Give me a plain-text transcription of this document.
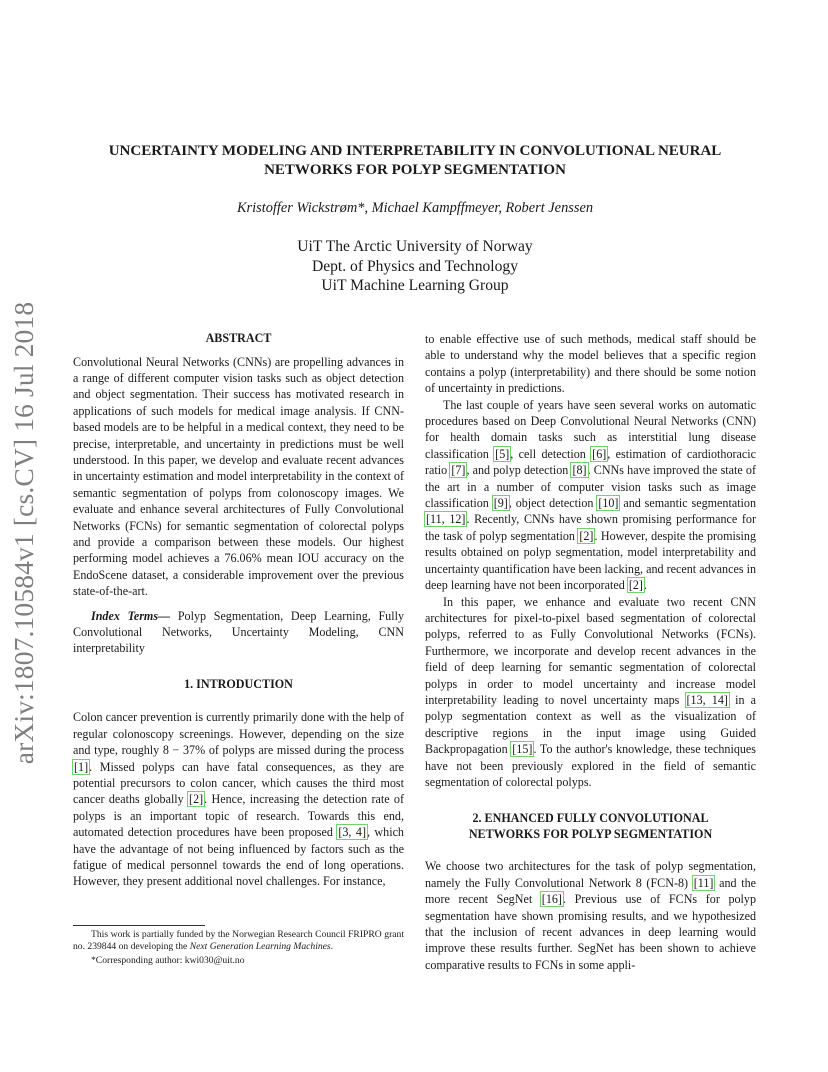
arXiv:1807.10584v1 [cs.CV] 16 Jul 2018
UNCERTAINTY MODELING AND INTERPRETABILITY IN CONVOLUTIONAL NEURAL
NETWORKS FOR POLYP SEGMENTATION
Kristoffer Wickstrøm*, Michael Kampffmeyer, Robert Jenssen
UiT The Arctic University of Norway
Dept. of Physics and Technology
UiT Machine Learning Group
ABSTRACT

Convolutional Neural Networks (CNNs) are propelling advances in a range of different computer vision tasks such as object detection and object segmentation. Their success has motivated research in applications of such models for medical image analysis. If CNN-based models are to be helpful in a medical context, they need to be precise, interpretable, and uncertainty in predictions must be well understood. In this paper, we develop and evaluate recent advances in uncertainty estimation and model interpretability in the context of semantic segmentation of polyps from colonoscopy images. We evaluate and enhance several architectures of Fully Convolutional Networks (FCNs) for semantic segmentation of colorectal polyps and provide a comparison between these models. Our highest performing model achieves a 76.06% mean IOU accuracy on the EndoScene dataset, a considerable improvement over the previous state-of-the-art.

Index Terms— Polyp Segmentation, Deep Learning, Fully Convolutional Networks, Uncertainty Modeling, CNN interpretability

1. INTRODUCTION

Colon cancer prevention is currently primarily done with the help of regular colonoscopy screenings. However, depending on the size and type, roughly 8 − 37% of polyps are missed during the process [1]. Missed polyps can have fatal consequences, as they are potential precursors to colon cancer, which causes the third most cancer deaths globally [2]. Hence, increasing the detection rate of polyps is an important topic of research. Towards this end, automated detection procedures have been proposed [3, 4], which have the advantage of not being influenced by factors such as the fatigue of medical personnel towards the end of long operations. However, they present additional novel challenges. For instance,

This work is partially funded by the Norwegian Research Council FRIPRO grant no. 239844 on developing the Next Generation Learning Machines.

*Corresponding author: kwi030@uit.no

to enable effective use of such methods, medical staff should be able to understand why the model believes that a specific region contains a polyp (interpretability) and there should be some notion of uncertainty in predictions.

The last couple of years have seen several works on automatic procedures based on Deep Convolutional Neural Networks (CNN) for health domain tasks such as interstitial lung disease classification [5], cell detection [6], estimation of cardiothoracic ratio [7], and polyp detection [8]. CNNs have improved the state of the art in a number of computer vision tasks such as image classification [9], object detection [10] and semantic segmentation [11, 12]. Recently, CNNs have shown promising performance for the task of polyp segmentation [2]. However, despite the promising results obtained on polyp segmentation, model interpretability and uncertainty quantification have been lacking, and recent advances in deep learning have not been incorporated [2].

In this paper, we enhance and evaluate two recent CNN architectures for pixel-to-pixel based segmentation of colorectal polyps, referred to as Fully Convolutional Networks (FCNs). Furthermore, we incorporate and develop recent advances in the field of deep learning for semantic segmentation of colorectal polyps in order to model uncertainty and increase model interpretability leading to novel uncertainty maps [13, 14] in a polyp segmentation context as well as the visualization of descriptive regions in the input image using Guided Backpropagation [15]. To the author's knowledge, these techniques have not been previously explored in the field of semantic segmentation of colorectal polyps.

2. ENHANCED FULLY CONVOLUTIONAL
NETWORKS FOR POLYP SEGMENTATION

We choose two architectures for the task of polyp segmentation, namely the Fully Convolutional Network 8 (FCN-8) [11] and the more recent SegNet [16]. Previous use of FCNs for polyp segmentation have shown promising results, and we hypothesized that the inclusion of recent advances in deep learning would improve these results further. SegNet has been shown to achieve comparative results to FCNs in some appli-
